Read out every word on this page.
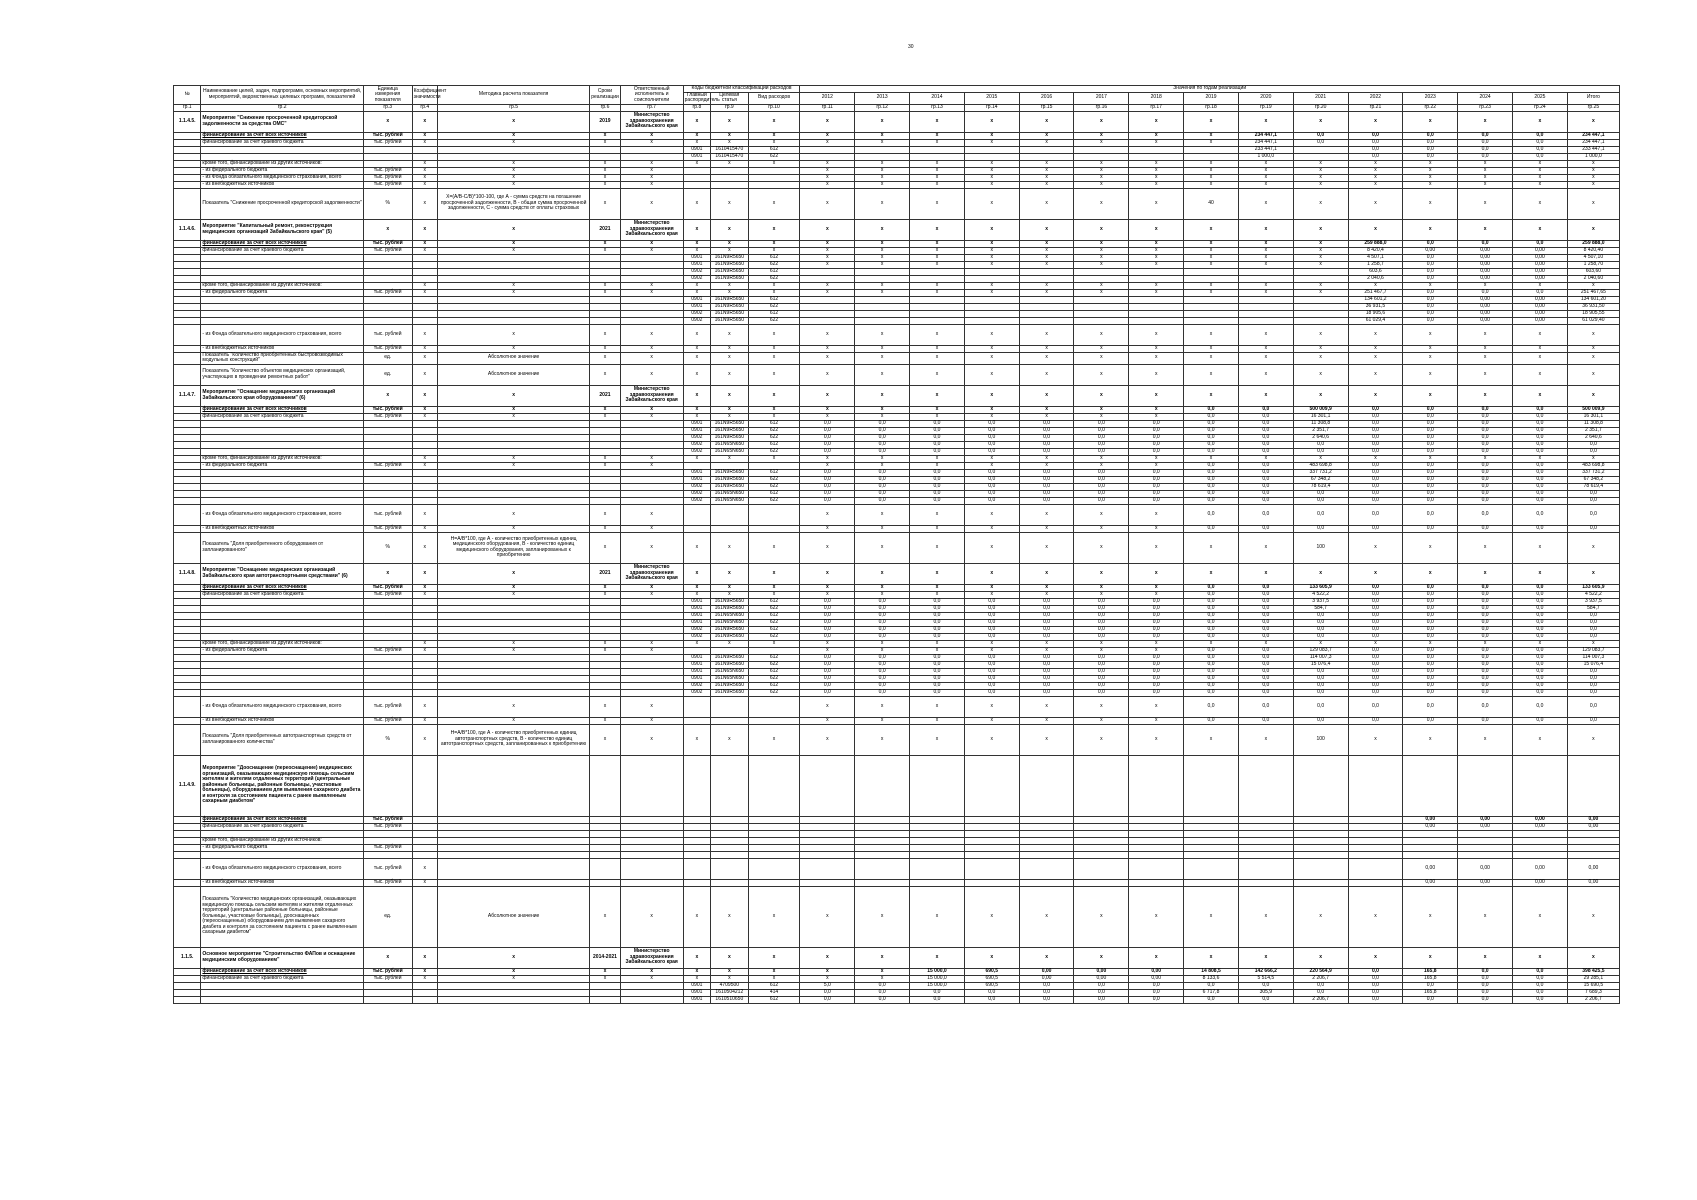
30
№	Наименование целей, задач, подпрограмм, основных мероприятий, мероприятий, ведомственных целевых программ, показателей	Единица измерения показателя	Коэффициент значимости	Методика расчета показателя	Сроки реализации	Ответственный исполнитель и соисполнители	Коды бюджетной классификации расходов			Значения по годам реализации														
							Главный распорядитель	Целевая статья	Вид расходов	2012	2013	2014	2015	2016	2017	2018	2019	2020	2021	2022	2023	2024	2025	Итого
гр.1	гр.2	гр.3	гр.4	гр.5	гр.6	гр.7	гр.8	гр.9	гр.10	гр.11	гр.12	гр.13	гр.14	гр.15	гр.16	гр.17	гр.18	гр.19	гр.20	гр.21	гр.22	гр.23	гр.24	гр.25
1.1.4.5.	Мероприятие "Снижение просроченной кредиторской задолженности за средства ОМС"	х	х	х	2019	Министерство здравоохранения Забайкальского края	х	х	х	х	х	х	х	х	х	х	х	х	х	х	х	х	х	х
	финансирование за счет всех источников	тыс. рублей	х	х	х	х	х	х	х	х	х	х	х	х	х	х	х	234 447,1	0,0	0,0	0,0	0,0	0,0	234 447,1
	финансирование за счет краевого бюджета	тыс. рублей	х	х	х	х	х	х	х	х	х	х	х	х	х	х	х	234 447,1	0,0	0,0	0,0	0,0	0,0	234 447,1
							0901	1610415470	612									233 447,1		0,0	0,0	0,0	0,0	233 447,1
							0901	1610415470	622									1 000,0		0,0	0,0	0,0	0,0	1 000,0
	кроме того, финансирование из других источников:		х	х	х	х	х	х	х	х	х	х	х	х	х	х	х	х	х	х	х	х	х	х
	- из федерального бюджета	тыс. рублей	х	х	х	х				х	х	х	х	х	х	х	х	х	х	х	х	х	х	х
	- из Фонда обязательного медицинского страхования, всего	тыс. рублей	х	х	х	х				х	х	х	х	х	х	х	х	х	х	х	х	х	х	х
	- из внебюджетных источников	тыс. рублей	х	х	х	х				х	х	х	х	х	х	х	х	х	х	х	х	х	х	х
	Показатель "Снижение просроченной кредиторской задолженности"	%	х	Х=(А/В-С/В)*100-100, где А - сумма средств на погашение просроченной задолженности, В - общая сумма просроченной задолженности, С - сумма средств от оплаты страховых	х	х	х	х	х	х	х	х	х	х	х	х	40	х	х	х	х	х	х	х
1.1.4.6.	Мероприятие "Капитальный ремонт, реконструкция медицинских организаций Забайкальского края" (5)	х	х	х	2021	Министерство здравоохранения Забайкальского края	х	х	х	х	х	х	х	х	х	х	х	х	х	х	х	х	х	х
	финансирование за счет всех источников	тыс. рублей	х	х	х	х	х	х	х	х	х	х	х	х	х	х	х	х	х	259 888,0	0,0	0,0	0,0	259 888,0
	финансирование за счет краевого бюджета	тыс. рублей	х	х	х	х	х	х	х	х	х	х	х	х	х	х	х	х	х	8 420,4	0,00	0,00	0,00	8 420,40
							0901	161N9R5650	612	х	х	х	х	х	х	х	х	х	х	4 507,1	0,0	0,00	0,00	4 507,10
							0901	161N9R5650	622	х	х	х	х	х	х	х	х	х	х	1 258,7	0,0	0,00	0,00	1 258,70
							0902	161N9R5650	612											603,6	0,0	0,00	0,00	603,60
							0902	161N9R5650	622											2 040,6	0,0	0,00	0,00	2 040,60
	кроме того, финансирование из других источников:		х	х	х	х	х	х	х	х	х	х	х	х	х	х	х	х	х	х	х	х	х	х
	- из федерального бюджета	тыс. рублей	х	х	х	х	х	х	х	х	х	х	х	х	х	х	х	х	х	251 467,7	0,0	0,0	0,0	251 467,65
							0901	161N9R5650	612											134 601,2	0,0	0,00	0,00	134 601,20
							0901	161N9R5650	622											36 931,5	0,0	0,00	0,00	36 931,50
							0902	161N9R5650	612											18 905,6	0,0	0,00	0,00	18 905,55
							0902	161N9R5650	622											61 029,4	0,0	0,00	0,00	61 029,40
	- из Фонда обязательного медицинского страхования, всего	тыс. рублей	х	х	х	х	х	х	х	х	х	х	х	х	х	х	х	х	х	х	х	х	х	х
	- из внебюджетных источников	тыс. рублей	х	х	х	х	х	х	х	х	х	х	х	х	х	х	х	х	х	х	х	х	х	х
	Показатель "Количество приобретенных быстровозводимых модульных конструкций"	ед.	х	Абсолютное значение	х	х	х	х	х	х	х	х	х	х	х	х	х	х	х	х	х	х	х	х
	Показатель "Количество объектов медицинских организаций, участвующих в проведении ремонтных работ"	ед.	х	Абсолютное значение	х	х	х	х	х	х	х	х	х	х	х	х	х	х	х	х	х	х	х	х
1.1.4.7.	Мероприятие "Оснащение медицинских организаций Забайкальского края оборудованием" (6)	х	х	х	2021	Министерство здравоохранения Забайкальского края	х	х	х	х	х	х	х	х	х	х	х	х	х	х	х	х	х	х
	финансирование за счет всех источников	тыс. рублей	х	х	х	х	х	х	х	х	х	х	х	х	х	х	0,0	0,0	500 009,9	0,0	0,0	0,0	0,0	500 009,9
	финансирование за счет краевого бюджета	тыс. рублей	х	х	х	х	х	х	х	х	х	х	х	х	х	х	0,0	0,0	16 301,1	0,0	0,0	0,0	0,0	16 301,1
							0901	161N9R5650	612	0,0	0,0	0,0	0,0	0,0	0,0	0,0	0,0	0,0	11 308,8	0,0	0,0	0,0	0,0	11 308,8
							0901	161N9R5650	622	0,0	0,0	0,0	0,0	0,0	0,0	0,0	0,0	0,0	2 351,7	0,0	0,0	0,0	0,0	2 351,7
							0902	161N9R5650	622	0,0	0,0	0,0	0,0	0,0	0,0	0,0	0,0	0,0	2 640,6	0,0	0,0	0,0	0,0	2 640,6
							0902	161N65N650	612	0,0	0,0	0,0	0,0	0,0	0,0	0,0	0,0	0,0	0,0	0,0	0,0	0,0	0,0	0,0
							0902	161N65N650	622	0,0	0,0	0,0	0,0	0,0	0,0	0,0	0,0	0,0	0,0	0,0	0,0	0,0	0,0	0,0
	кроме того, финансирование из других источников:		х	х	х	х	х	х	х	х	х	х	х	х	х	х	х	х	х	х	х	х	х	х
	- из федерального бюджета	тыс. рублей	х	х	х	х				х	х	х	х	х	х	х	0,0	0,0	483 698,8	0,0	0,0	0,0	0,0	483 698,8
							0901	161N9R5650	612	0,0	0,0	0,0	0,0	0,0	0,0	0,0	0,0	0,0	337 731,2	0,0	0,0	0,0	0,0	337 731,2
							0901	161N9R5650	622	0,0	0,0	0,0	0,0	0,0	0,0	0,0	0,0	0,0	67 348,2	0,0	0,0	0,0	0,0	67 348,2
							0902	161N9R5650	622	0,0	0,0	0,0	0,0	0,0	0,0	0,0	0,0	0,0	78 619,4	0,0	0,0	0,0	0,0	78 619,4
							0902	161N65N650	612	0,0	0,0	0,0	0,0	0,0	0,0	0,0	0,0	0,0	0,0	0,0	0,0	0,0	0,0	0,0
							0902	161N65N650	622	0,0	0,0	0,0	0,0	0,0	0,0	0,0	0,0	0,0	0,0	0,0	0,0	0,0	0,0	0,0
	- из Фонда обязательного медицинского страхования, всего	тыс. рублей	х	х	х	х				х	х	х	х	х	х	х	0,0	0,0	0,0	0,0	0,0	0,0	0,0	0,0
	- из внебюджетных источников	тыс. рублей	х	х	х	х				х	х	х	х	х	х	х	0,0	0,0	0,0	0,0	0,0	0,0	0,0	0,0
	Показатель "Доля приобретенного оборудования от запланированного"	%	х	Н=А/В*100, где А - количество приобретенных единиц медицинского оборудования, В - количество единиц медицинского оборудования, запланированных к приобретению	х	х	х	х	х	х	х	х	х	х	х	х	х	х	100	х	х	х	х	х
1.1.4.8.	Мероприятие "Оснащение медицинских организаций Забайкальского края автотранспортными средствами" (6)	х	х	х	2021	Министерство здравоохранения Забайкальского края	х	х	х	х	х	х	х	х	х	х	х	х	х	х	х	х	х	х
	финансирование за счет всех источников	тыс. рублей	х	х	х	х	х	х	х	х	х	х	х	х	х	х	0,0	0,0	133 605,9	0,0	0,0	0,0	0,0	133 605,9
	финансирование за счет краевого бюджета	тыс. рублей	х	х	х	х	х	х	х	х	х	х	х	х	х	х	0,0	0,0	4 522,2	0,0	0,0	0,0	0,0	4 522,2
							0901	161N9R5650	612	0,0	0,0	0,0	0,0	0,0	0,0	0,0	0,0	0,0	3 937,5	0,0	0,0	0,0	0,0	3 937,5
							0901	161N9R5650	622	0,0	0,0	0,0	0,0	0,0	0,0	0,0	0,0	0,0	584,7	0,0	0,0	0,0	0,0	584,7
							0901	161N65N650	612	0,0	0,0	0,0	0,0	0,0	0,0	0,0	0,0	0,0	0,0	0,0	0,0	0,0	0,0	0,0
							0901	161N65N650	622	0,0	0,0	0,0	0,0	0,0	0,0	0,0	0,0	0,0	0,0	0,0	0,0	0,0	0,0	0,0
							0902	161N9R5650	612	0,0	0,0	0,0	0,0	0,0	0,0	0,0	0,0	0,0	0,0	0,0	0,0	0,0	0,0	0,0
							0902	161N9R5650	622	0,0	0,0	0,0	0,0	0,0	0,0	0,0	0,0	0,0	0,0	0,0	0,0	0,0	0,0	0,0
	кроме того, финансирование из других источников:		х	х	х	х	х	х	х	х	х	х	х	х	х	х	х	х	х	х	х	х	х	х
	- из федерального бюджета	тыс. рублей	х	х	х	х				х	х	х	х	х	х	х	0,0	0,0	129 083,7	0,0	0,0	0,0	0,0	129 083,7
							0901	161N9R5650	612	0,0	0,0	0,0	0,0	0,0	0,0	0,0	0,0	0,0	114 007,3	0,0	0,0	0,0	0,0	114 007,3
							0901	161N9R5650	622	0,0	0,0	0,0	0,0	0,0	0,0	0,0	0,0	0,0	15 076,4	0,0	0,0	0,0	0,0	15 076,4
							0901	161N65N650	612	0,0	0,0	0,0	0,0	0,0	0,0	0,0	0,0	0,0	0,0	0,0	0,0	0,0	0,0	0,0
							0901	161N65N650	622	0,0	0,0	0,0	0,0	0,0	0,0	0,0	0,0	0,0	0,0	0,0	0,0	0,0	0,0	0,0
							0902	161N9R5650	612	0,0	0,0	0,0	0,0	0,0	0,0	0,0	0,0	0,0	0,0	0,0	0,0	0,0	0,0	0,0
							0902	161N9R5650	622	0,0	0,0	0,0	0,0	0,0	0,0	0,0	0,0	0,0	0,0	0,0	0,0	0,0	0,0	0,0
	- из Фонда обязательного медицинского страхования, всего	тыс. рублей	х	х	х	х				х	х	х	х	х	х	х	0,0	0,0	0,0	0,0	0,0	0,0	0,0	0,0
	- из внебюджетных источников	тыс. рублей	х	х	х	х				х	х	х	х	х	х	х	0,0	0,0	0,0	0,0	0,0	0,0	0,0	0,0
	Показатель "Доля приобретенных автотранспортных средств от запланированного количества"	%	х	Н=А/В*100, где А - количество приобретенных единиц автотранспортных средств, В - количество единиц автотранспортных средств, запланированных к приобретению	х	х	х	х	х	х	х	х	х	х	х	х	х	х	100	х	х	х	х	х
1.1.4.9.	Мероприятие "Дооснащение (переоснащение) медицинских организаций, оказывающих медицинскую помощь сельским жителям и жителям отдаленных территорий (центральные районные больницы, районные больницы, участковые больницы), оборудованием для выявления сахарного диабета и контроля за состоянием пациента с ранее выявленным сахарным диабетом"																							
	финансирование за счет всех источников	тыс. рублей																			0,00	0,00	0,00	0,00
	финансирование за счет краевого бюджета	тыс. рублей																			0,00	0,00	0,00	0,00

	кроме того, финансирование из других источников:																							
	- из федерального бюджета	тыс. рублей																						

	- из Фонда обязательного медицинского страхования, всего	тыс. рублей	х																		0,00	0,00	0,00	0,00
	- из внебюджетных источников	тыс. рублей	х																		0,00	0,00	0,00	0,00
	Показатель "Количество медицинских организаций, оказывающих медицинскую помощь сельским жителям и жителям отдаленных территорий (центральные районные больницы, районные больницы, участковые больницы), дооснащенных (переоснащенных) оборудованием для выявления сахарного диабета и контроля за состоянием пациента с ранее выявленным сахарным диабетом"	ед.		Абсолютное значение	х	х	х	х	х	х	х	х	х	х	х	х	х	х	х	х	х	х	х	х
1.1.5.	Основное мероприятие "Строительство ФАПов и оснащение медицинским оборудованием"	х	х	х	2014-2021	Министерство здравоохранения Забайкальского края	х	х	х	х	х	х	х	х	х	х	х	х	х	х	х	х	х	х
	финансирование за счет всех источников	тыс. рублей	х	х	х	х	х	х	х	х	х	15 000,0	690,5	0,00	0,00	0,00	14 808,5	142 666,2	220 564,9	0,0	165,8	0,0	0,0	398 425,5
	финансирование за счет краевого бюджета	тыс. рублей	х	х	х	х	х	х	х	х	х	15 000,0	690,5	0,00	0,00	0,00	8 133,6	5 514,5	2 206,7	0,0	165,8	0,0	0,0	29 285,1
							0901	4709500	612	5,0	0,0	15 000,0	690,5	0,0	0,0	0,0	0,0	0,0	0,0	0,0	0,0	0,0	0,0	15 690,5
							0901	1610504212	414	0,0	0,0	0,0	0,0	0,0	0,0	0,0	6 717,8	305,9	0,0	0,0	165,8	0,0	0,0	7 689,3
							0901	1610510650	612	0,0	0,0	0,0	0,0	0,0	0,0	0,0	0,0	0,0	2 206,7	0,0	0,0	0,0	0,0	2 206,7
